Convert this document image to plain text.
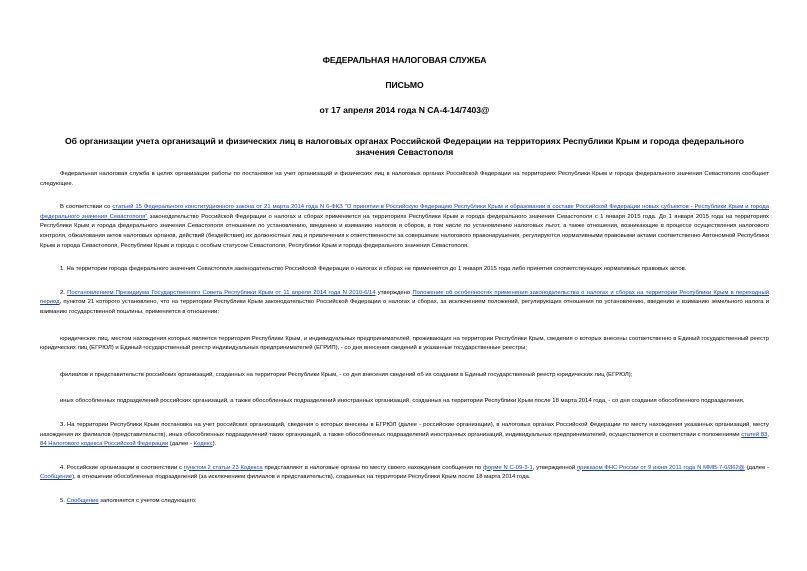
ФЕДЕРАЛЬНАЯ НАЛОГОВАЯ СЛУЖБА
ПИСЬМО
от 17 апреля 2014 года N СА-4-14/7403@
Об организации учета организаций и физических лиц в налоговых органах Российской Федерации на территориях Республики Крым и города федерального значения Севастополя

Федеральная налоговая служба в целях организации работы по постановке на учет организаций и физических лиц в налоговых органах Российской Федерации на территориях Республики Крым и города федерального значения Севастополя сообщает следующее.

В соответствии со статьей 15 Федерального конституционного закона от 21 марта 2014 года N 6-ФКЗ "О принятии в Российскую Федерацию Республики Крым и образовании в составе Российской Федерации новых субъектов - Республики Крым и города федерального значения Севастополя" законодательство Российской Федерации о налогах и сборах применяется на территориях Республики Крым и города федерального значения Севастополя с 1 января 2015 года. До 1 января 2015 года на территориях Республики Крым и города федерального значения Севастополя отношения по установлению, введению и взиманию налогов и сборов, в том числе по установлению налоговых льгот, а также отношения, возникающие в процессе осуществления налогового контроля, обжалования актов налоговых органов, действий (бездействия) их должностных лиц и привлечения к ответственности за совершение налогового правонарушения, регулируются нормативными правовыми актами соответственно Автономной Республики Крым и города Севастополя, Республики Крым и города с особым статусом Севастополя, Республики Крым и города федерального значения Севастополя.

1. На территории города федерального значения Севастополя законодательство Российской Федерации о налогах и сборах не применяется до 1 января 2015 года либо принятия соответствующих нормативных правовых актов.

2. Постановлением Президиума Государственного Совета Республики Крым от 11 апреля 2014 года N 2010-6/14 утверждено Положение об особенностях применения законодательства о налогах и сборах на территории Республики Крым в переходный период, пунктом 21 которого установлено, что на территории Республики Крым законодательство Российской Федерации о налогах и сборах, за исключением положений, регулирующих отношения по установлению, введению и взиманию земельного налога и взиманию государственной пошлины, применяется в отношении:

юридических лиц, местом нахождения которых является территория Республики Крым, и индивидуальных предпринимателей, проживающих на территории Республики Крым, сведения о которых внесены соответственно в Единый государственный реестр юридических лиц (ЕГРЮЛ) и Единый государственный реестр индивидуальных предпринимателей (ЕГРИП), - со дня внесения сведений в указанные государственные реестры;

филиалов и представительств российских организаций, созданных на территории Республики Крым, - со дня внесения сведений об их создании в Единый государственный реестр юридических лиц (ЕГРЮЛ);

иных обособленных подразделений российских организаций, а также обособленных подразделений иностранных организаций, созданных на территории Республики Крым после 18 марта 2014 года, - со дня создания обособленного подразделения.

3. На территории Республики Крым постановка на учет российских организаций, сведения о которых внесены в ЕГРЮЛ (далее - российские организации), в налоговых органах Российской Федерации по месту нахождения указанных организаций, месту нахождения их филиалов (представительств), иных обособленных подразделений таких организаций, а также обособленных подразделений иностранных организаций, индивидуальных предпринимателей, осуществляется в соответствии с положениями статей 83, 84 Налогового кодекса Российской Федерации (далее - Кодекс).

4. Российские организации в соответствии с пунктом 2 статьи 23 Кодекса представляют в налоговые органы по месту своего нахождения сообщения по форме N С-09-3-1, утвержденной приказом ФНС России от 9 июня 2011 года N ММВ-7-6/362@ (далее - Сообщение), в отношении обособленных подразделений (за исключением филиалов и представительств), созданных на территории Республики Крым после 18 марта 2014 года.

5. Сообщение заполняется с учетом следующего:
